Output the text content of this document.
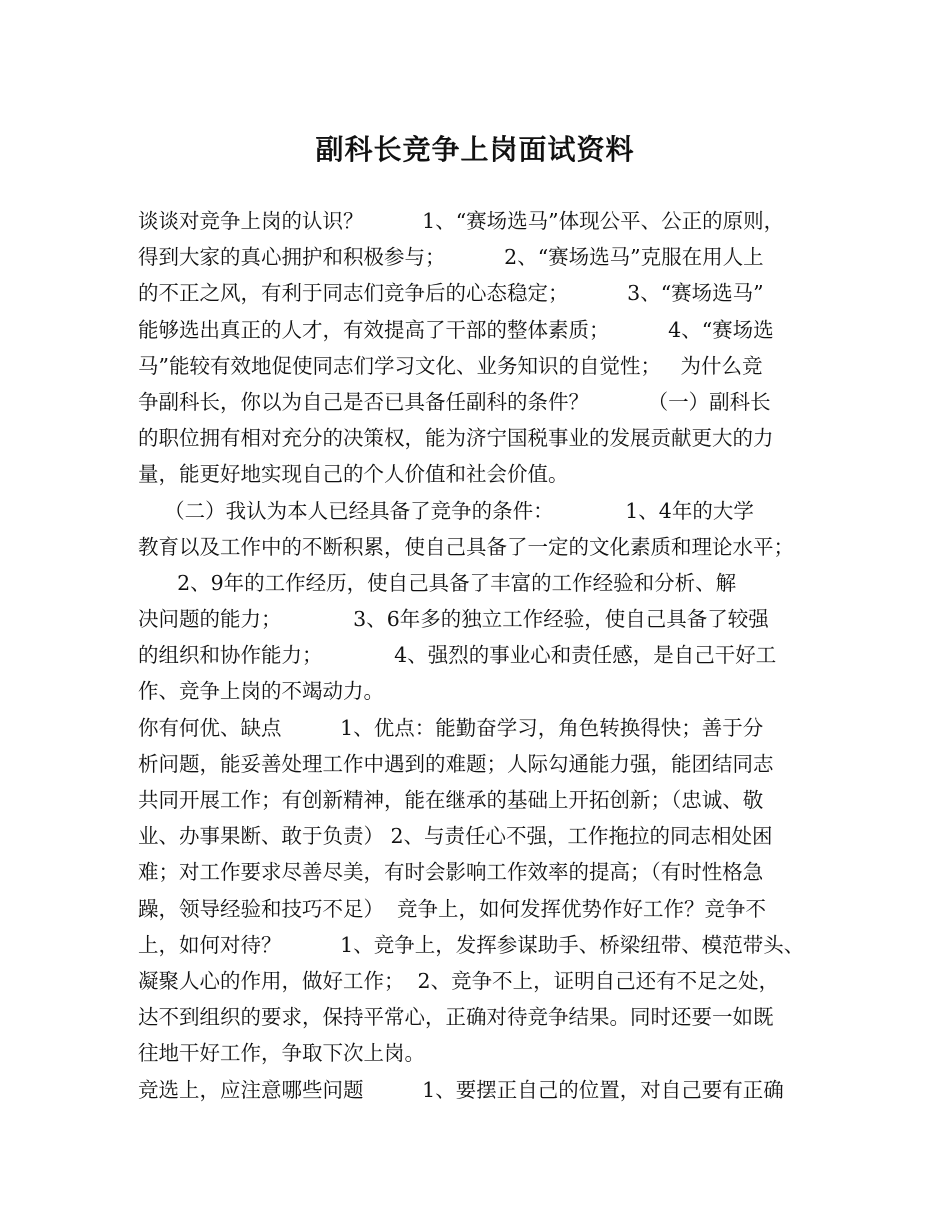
副科长竞争上岗面试资料
谈谈对竞争上岗的认识？         1、“赛场选马”体现公平、公正的原则，
得到大家的真心拥护和积极参与；         2、“赛场选马”克服在用人上
的不正之风，有利于同志们竞争后的心态稳定；         3、“赛场选马”
能够选出真正的人才，有效提高了干部的整体素质；         4、“赛场选
马”能较有效地促使同志们学习文化、业务知识的自觉性；   为什么竞
争副科长，你以为自己是否已具备任副科的条件？         （一）副科长
的职位拥有相对充分的决策权，能为济宁国税事业的发展贡献更大的力
量，能更好地实现自己的个人价值和社会价值。
（二）我认为本人已经具备了竞争的条件：           1、4年的大学
教育以及工作中的不断积累，使自己具备了一定的文化素质和理论水平；
2、9年的工作经历，使自己具备了丰富的工作经验和分析、解
决问题的能力；           3、6年多的独立工作经验，使自己具备了较强
的组织和协作能力；           4、强烈的事业心和责任感，是自己干好工
作、竞争上岗的不竭动力。
你有何优、缺点         1、优点：能勤奋学习，角色转换得快；善于分
析问题，能妥善处理工作中遇到的难题；人际勾通能力强，能团结同志
共同开展工作；有创新精神，能在继承的基础上开拓创新；（忠诚、敬
业、办事果断、敢于负责） 2、与责任心不强，工作拖拉的同志相处困
难；对工作要求尽善尽美，有时会影响工作效率的提高；（有时性格急
躁，领导经验和技巧不足）  竞争上，如何发挥优势作好工作？竞争不
上，如何对待？         1、竞争上，发挥参谋助手、桥梁纽带、模范带头、
凝聚人心的作用，做好工作；  2、竞争不上，证明自己还有不足之处，
达不到组织的要求，保持平常心，正确对待竞争结果。同时还要一如既
往地干好工作，争取下次上岗。
竞选上，应注意哪些问题         1、要摆正自己的位置，对自己要有正确
